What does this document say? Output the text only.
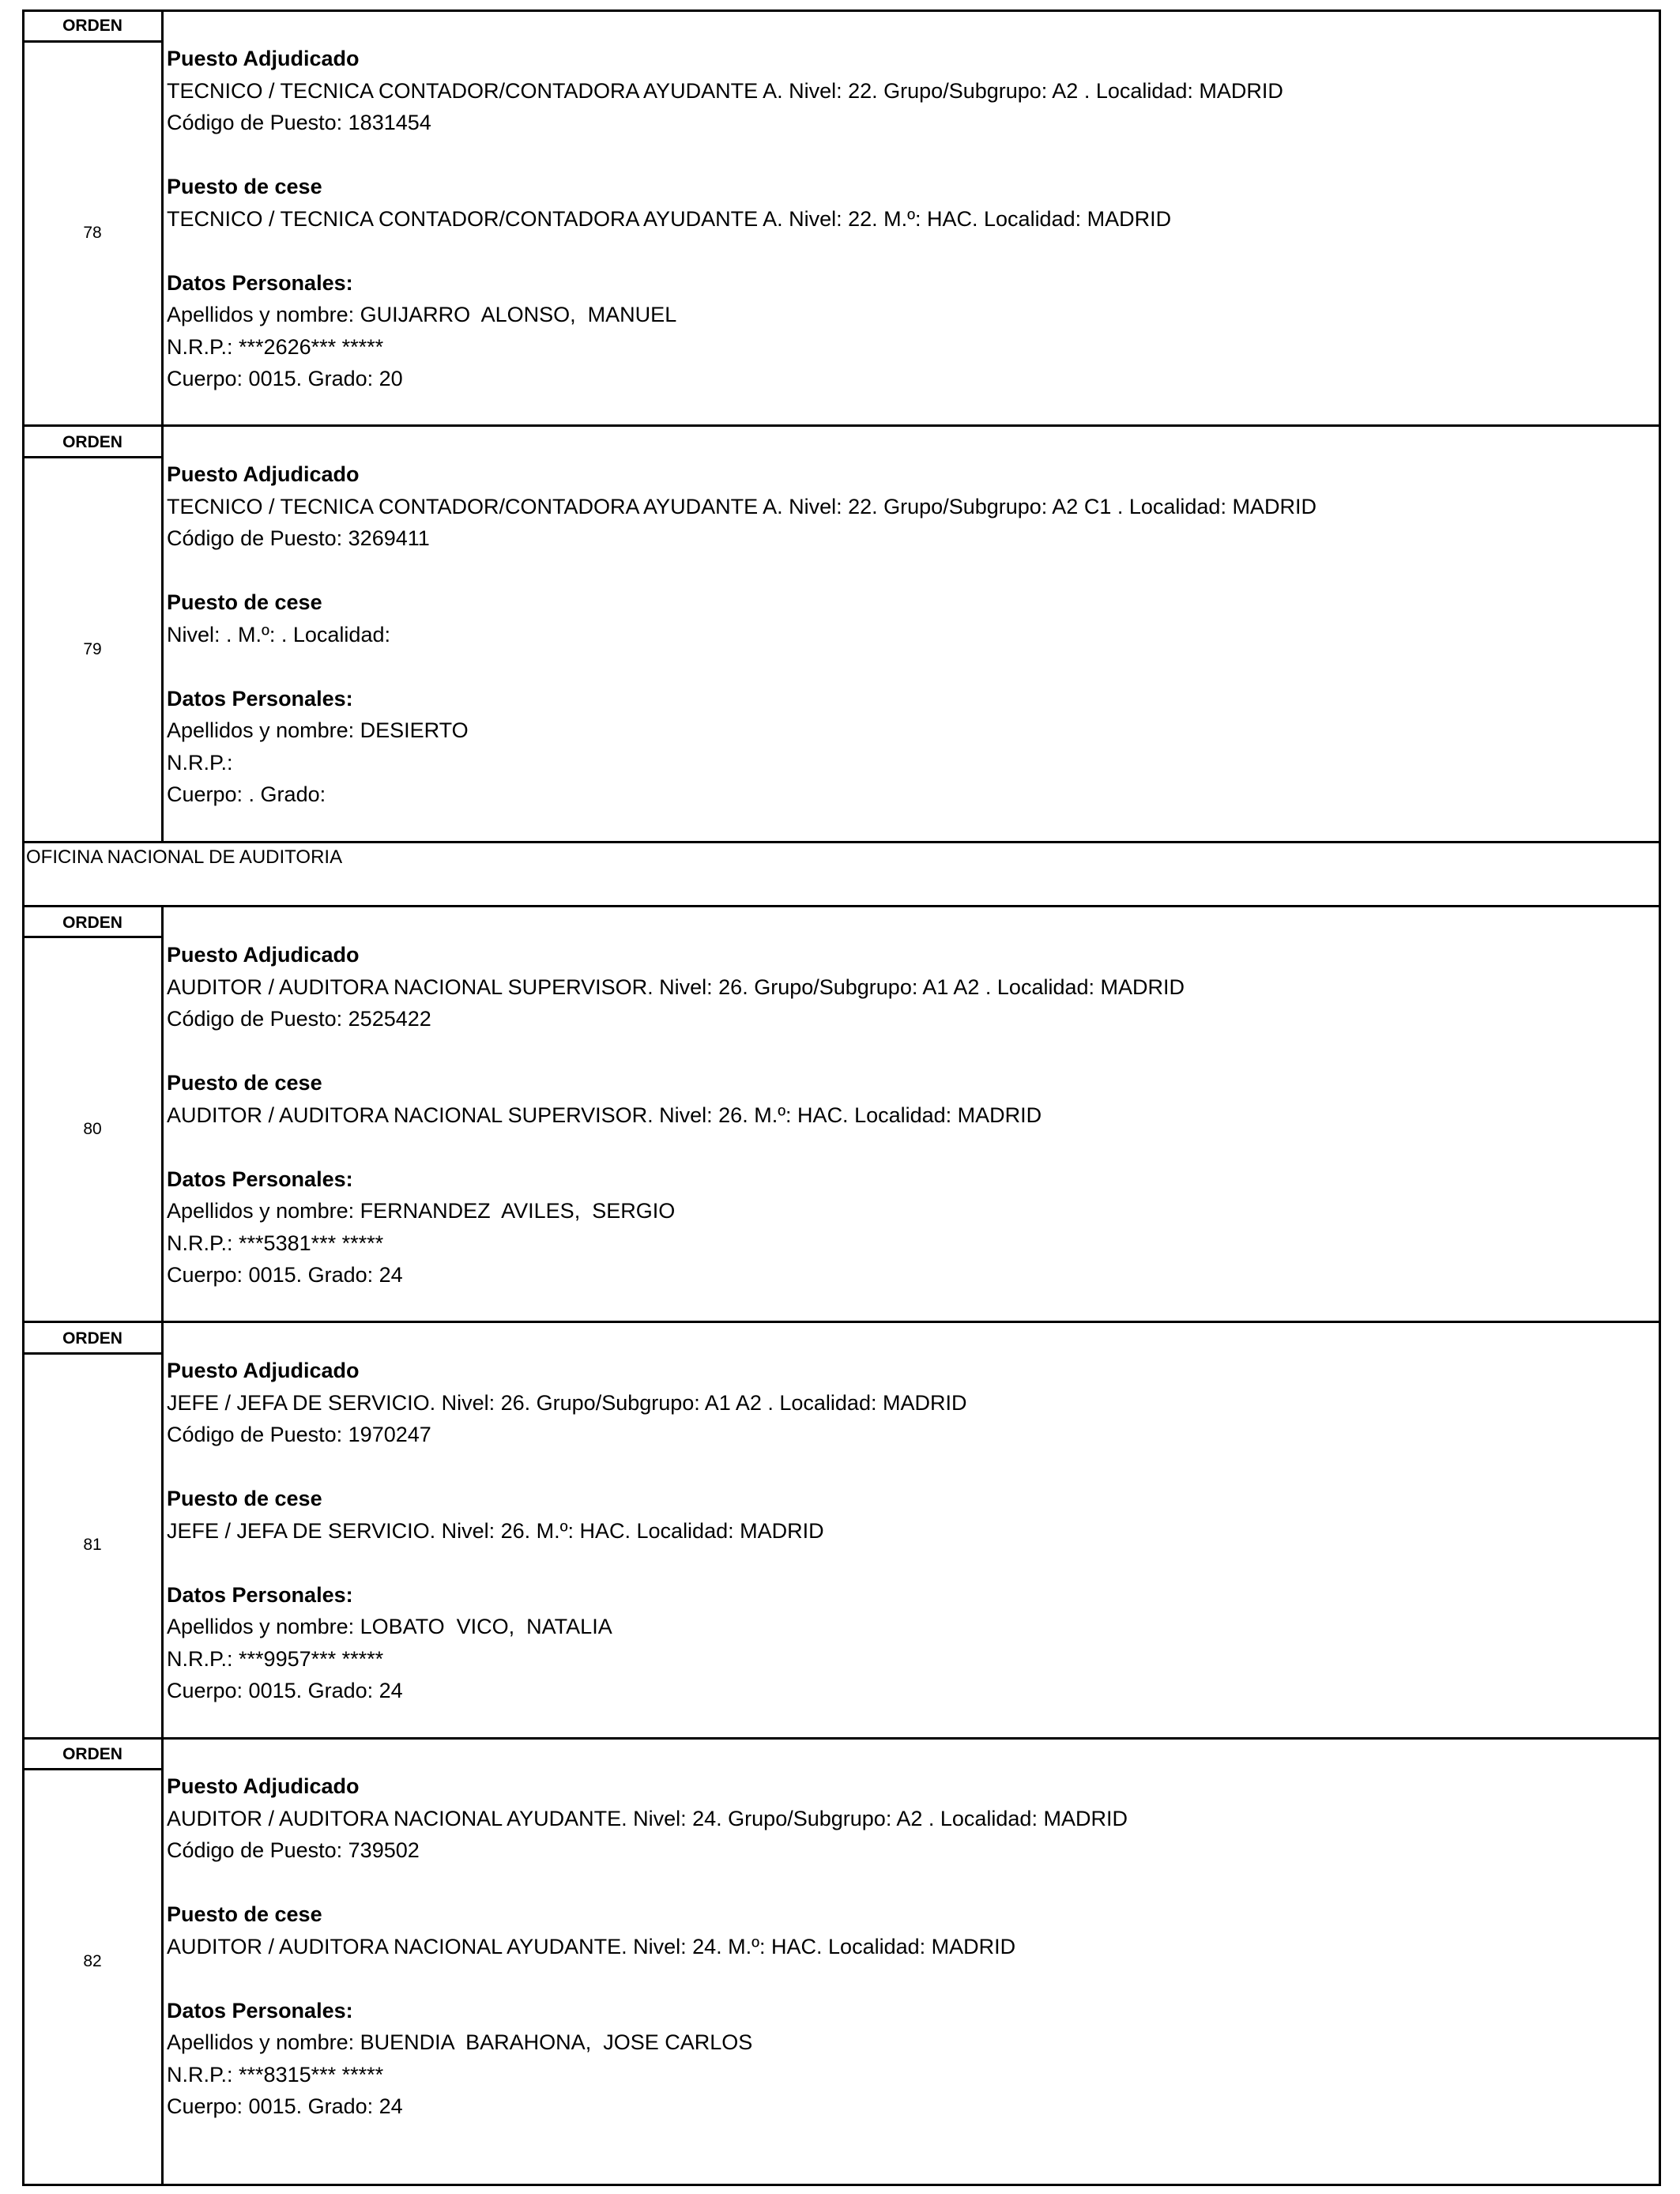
OFICINA NACIONAL DE AUDITORIA
ORDEN
78
Puesto Adjudicado
TECNICO / TECNICA CONTADOR/CONTADORA AYUDANTE A. Nivel: 22. Grupo/Subgrupo: A2 . Localidad: MADRID
Código de Puesto: 1831454
Puesto de cese
TECNICO / TECNICA CONTADOR/CONTADORA AYUDANTE A. Nivel: 22. M.º: HAC. Localidad: MADRID
Datos Personales:
Apellidos y nombre: GUIJARRO  ALONSO,  MANUEL
N.R.P.: ***2626*** *****
Cuerpo: 0015. Grado: 20
ORDEN
79
Puesto Adjudicado
TECNICO / TECNICA CONTADOR/CONTADORA AYUDANTE A. Nivel: 22. Grupo/Subgrupo: A2 C1 . Localidad: MADRID
Código de Puesto: 3269411
Puesto de cese
Nivel: . M.º: . Localidad:
Datos Personales:
Apellidos y nombre: DESIERTO
N.R.P.:
Cuerpo: . Grado:
ORDEN
80
Puesto Adjudicado
AUDITOR / AUDITORA NACIONAL SUPERVISOR. Nivel: 26. Grupo/Subgrupo: A1 A2 . Localidad: MADRID
Código de Puesto: 2525422
Puesto de cese
AUDITOR / AUDITORA NACIONAL SUPERVISOR. Nivel: 26. M.º: HAC. Localidad: MADRID
Datos Personales:
Apellidos y nombre: FERNANDEZ  AVILES,  SERGIO
N.R.P.: ***5381*** *****
Cuerpo: 0015. Grado: 24
ORDEN
81
Puesto Adjudicado
JEFE / JEFA DE SERVICIO. Nivel: 26. Grupo/Subgrupo: A1 A2 . Localidad: MADRID
Código de Puesto: 1970247
Puesto de cese
JEFE / JEFA DE SERVICIO. Nivel: 26. M.º: HAC. Localidad: MADRID
Datos Personales:
Apellidos y nombre: LOBATO  VICO,  NATALIA
N.R.P.: ***9957*** *****
Cuerpo: 0015. Grado: 24
ORDEN
82
Puesto Adjudicado
AUDITOR / AUDITORA NACIONAL AYUDANTE. Nivel: 24. Grupo/Subgrupo: A2 . Localidad: MADRID
Código de Puesto: 739502
Puesto de cese
AUDITOR / AUDITORA NACIONAL AYUDANTE. Nivel: 24. M.º: HAC. Localidad: MADRID
Datos Personales:
Apellidos y nombre: BUENDIA  BARAHONA,  JOSE CARLOS
N.R.P.: ***8315*** *****
Cuerpo: 0015. Grado: 24
